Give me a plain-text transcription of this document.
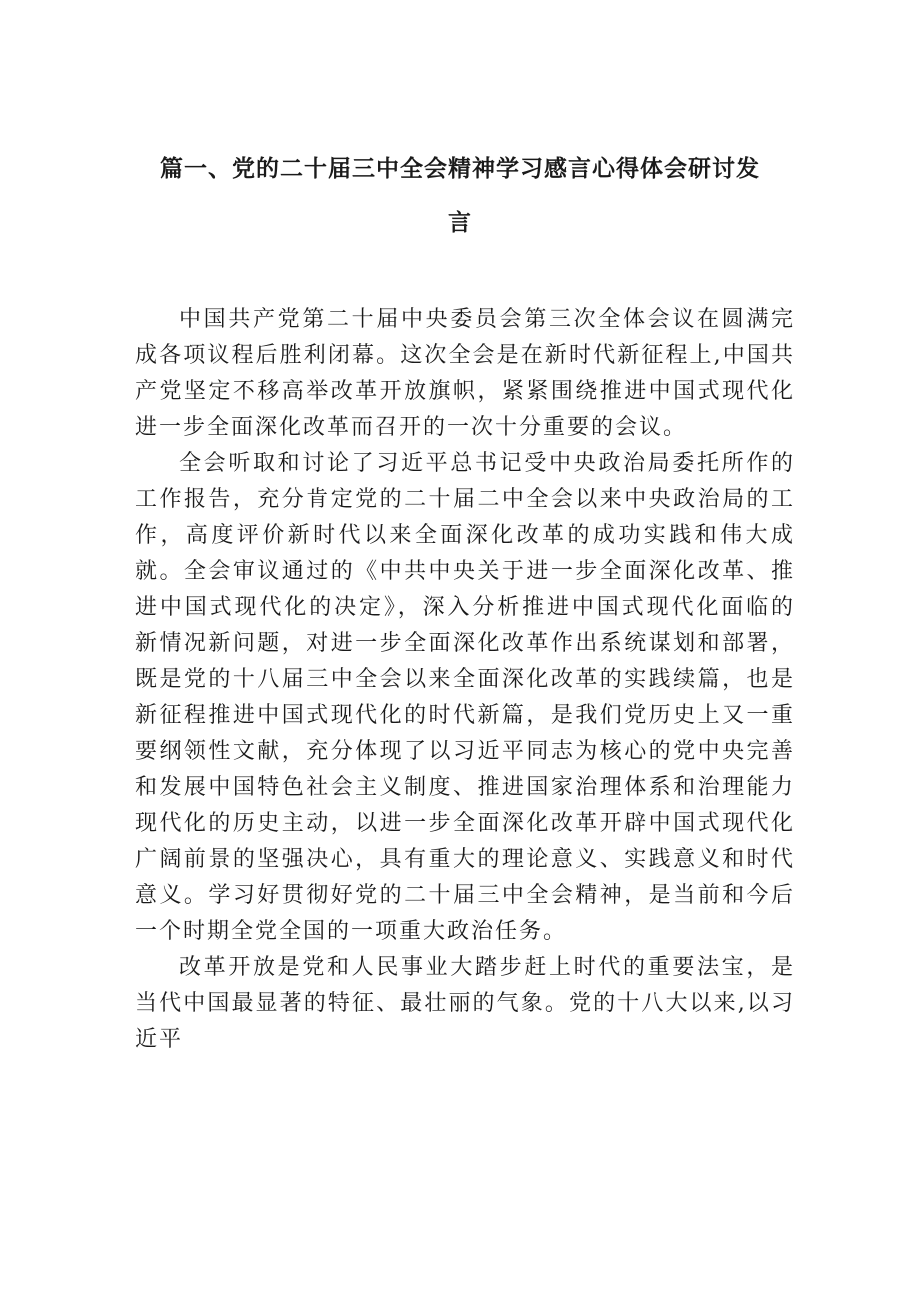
篇一、党的二十届三中全会精神学习感言心得体会研讨发
言

中国共产党第二十届中央委员会第三次全体会议在圆满完成各项议程后胜利闭幕。这次全会是在新时代新征程上,中国共产党坚定不移高举改革开放旗帜，紧紧围绕推进中国式现代化进一步全面深化改革而召开的一次十分重要的会议。

全会听取和讨论了习近平总书记受中央政治局委托所作的工作报告，充分肯定党的二十届二中全会以来中央政治局的工作，高度评价新时代以来全面深化改革的成功实践和伟大成就。全会审议通过的《中共中央关于进一步全面深化改革、推进中国式现代化的决定》，深入分析推进中国式现代化面临的新情况新问题，对进一步全面深化改革作出系统谋划和部署，既是党的十八届三中全会以来全面深化改革的实践续篇，也是新征程推进中国式现代化的时代新篇，是我们党历史上又一重要纲领性文献，充分体现了以习近平同志为核心的党中央完善和发展中国特色社会主义制度、推进国家治理体系和治理能力现代化的历史主动，以进一步全面深化改革开辟中国式现代化广阔前景的坚强决心，具有重大的理论意义、实践意义和时代意义。学习好贯彻好党的二十届三中全会精神，是当前和今后一个时期全党全国的一项重大政治任务。

改革开放是党和人民事业大踏步赶上时代的重要法宝，是当代中国最显著的特征、最壮丽的气象。党的十八大以来,以习近平
